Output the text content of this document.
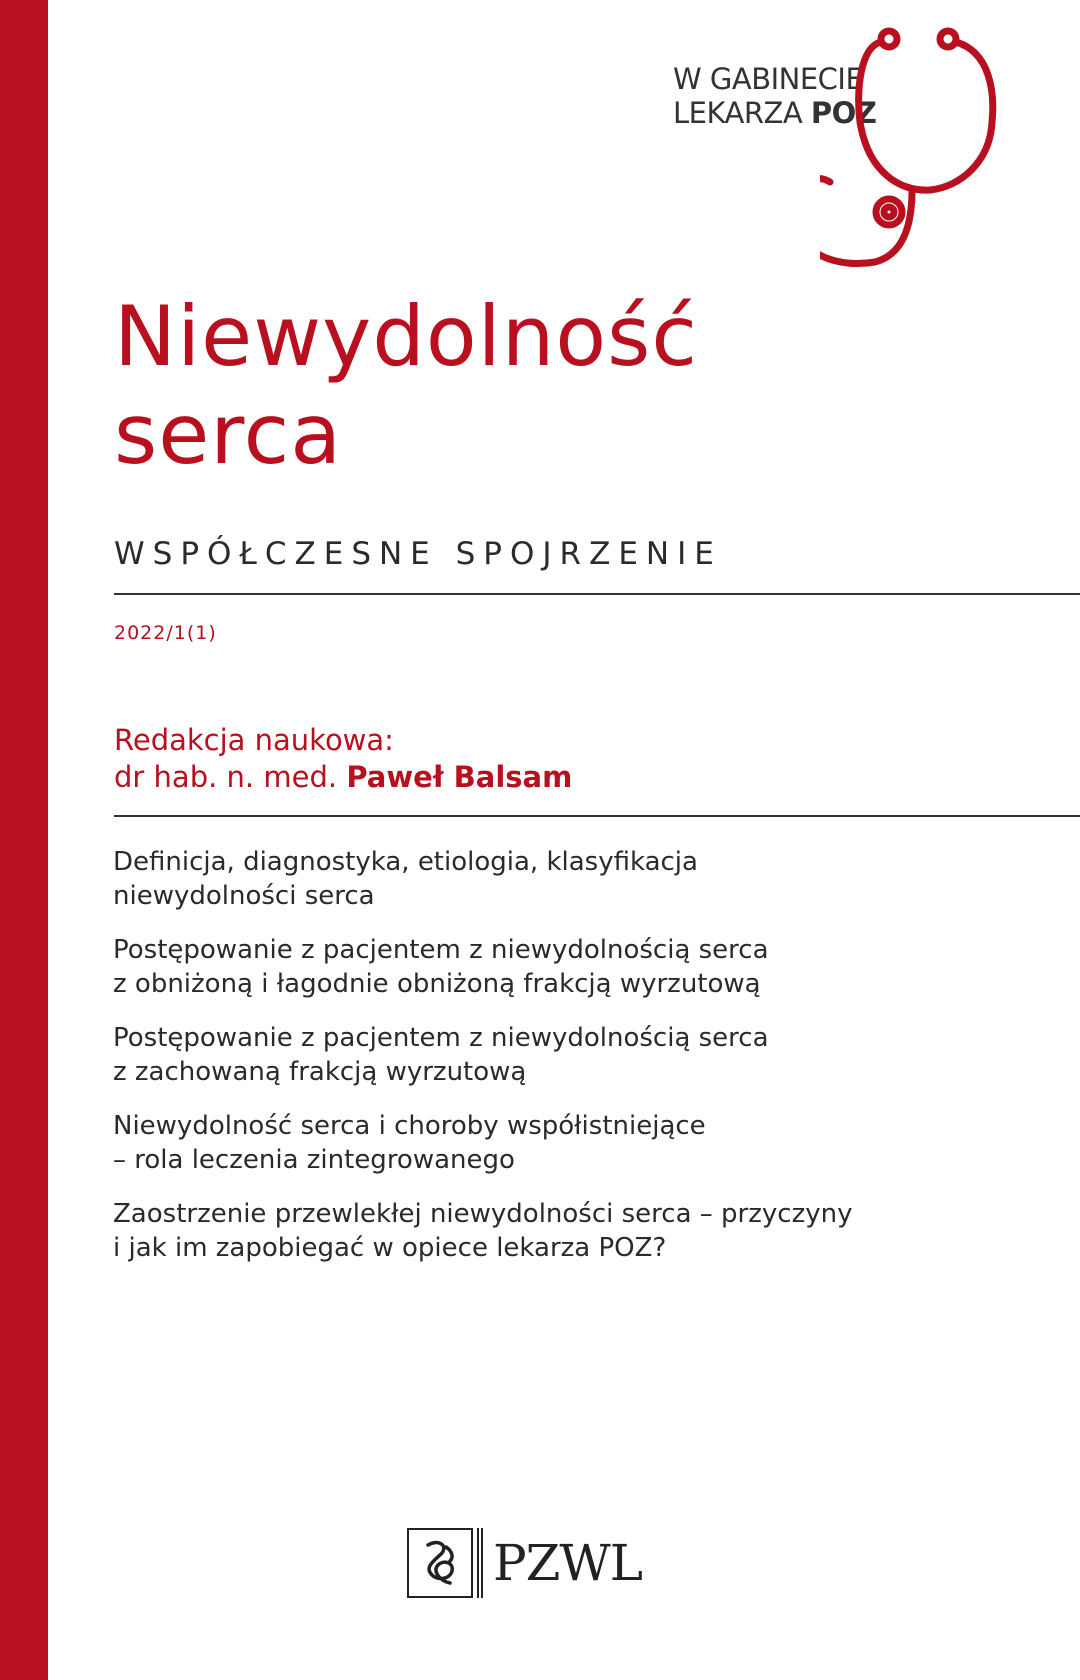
W GABINECIE
LEKARZA POZ
Niewydolność
serca
WSPÓŁCZESNE SPOJRZENIE
2022/1(1)
Redakcja naukowa:
dr hab. n. med. Paweł Balsam
Definicja, diagnostyka, etiologia, klasyfikacja
niewydolności serca
Postępowanie z pacjentem z niewydolnością serca
z obniżoną i łagodnie obniżoną frakcją wyrzutową
Postępowanie z pacjentem z niewydolnością serca
z zachowaną frakcją wyrzutową
Niewydolność serca i choroby współistniejące
– rola leczenia zintegrowanego
Zaostrzenie przewlekłej niewydolności serca – przyczyny
i jak im zapobiegać w opiece lekarza POZ?
PZWL
